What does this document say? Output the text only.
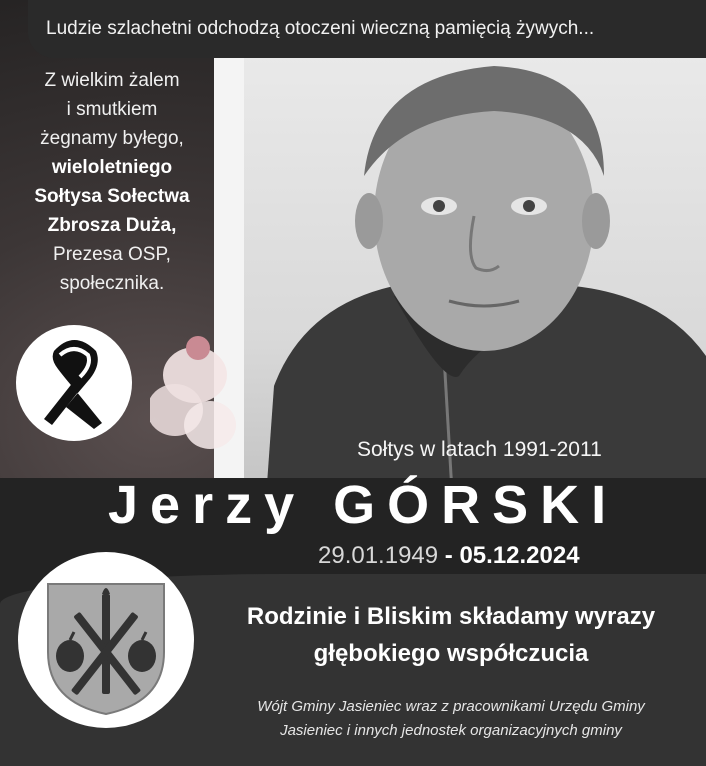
Ludzie szlachetni odchodzą otoczeni wieczną pamięcią żywych...
Z wielkim żalem
i smutkiem
żegnamy byłego,
wieloletniego
Sołtysa Sołectwa
Zbrosza Duża,
Prezesa OSP,
społecznika.
Sołtys w latach 1991-2011
Jerzy GÓRSKI
29.01.1949 - 05.12.2024
Rodzinie i Bliskim składamy wyrazy
głębokiego współczucia
Wójt Gminy Jasieniec wraz z pracownikami Urzędu Gminy
Jasieniec i innych jednostek organizacyjnych gminy
